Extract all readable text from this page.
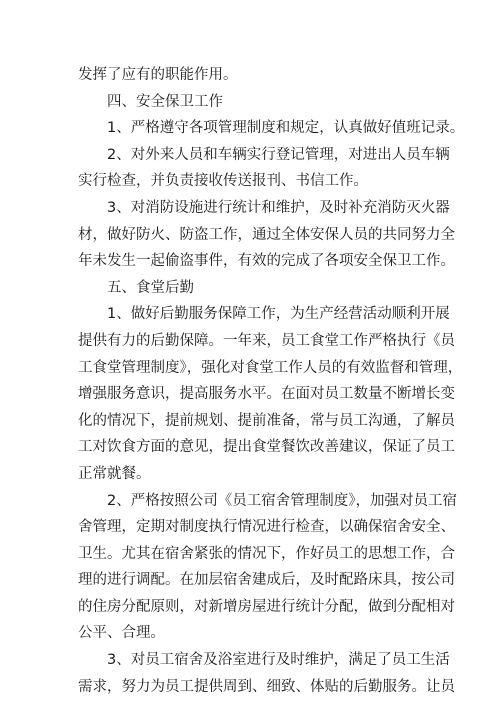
发挥了应有的职能作用。
四、安全保卫工作
1、严格遵守各项管理制度和规定，认真做好值班记录。
2、对外来人员和车辆实行登记管理，对进出人员车辆
实行检查，并负责接收传送报刊、书信工作。
3、对消防设施进行统计和维护，及时补充消防灭火器
材，做好防火、防盗工作，通过全体安保人员的共同努力全
年未发生一起偷盗事件，有效的完成了各项安全保卫工作。
五、食堂后勤
1、做好后勤服务保障工作，为生产经营活动顺利开展
提供有力的后勤保障。一年来，员工食堂工作严格执行《员
工食堂管理制度》，强化对食堂工作人员的有效监督和管理，
增强服务意识，提高服务水平。在面对员工数量不断增长变
化的情况下，提前规划、提前准备，常与员工沟通，了解员
工对饮食方面的意见，提出食堂餐饮改善建议，保证了员工
正常就餐。
2、严格按照公司《员工宿舍管理制度》，加强对员工宿
舍管理，定期对制度执行情况进行检查，以确保宿舍安全、
卫生。尤其在宿舍紧张的情况下，作好员工的思想工作，合
理的进行调配。在加层宿舍建成后，及时配路床具，按公司
的住房分配原则，对新增房屋进行统计分配，做到分配相对
公平、合理。
3、对员工宿舍及浴室进行及时维护，满足了员工生活
需求，努力为员工提供周到、细致、体贴的后勤服务。让员
